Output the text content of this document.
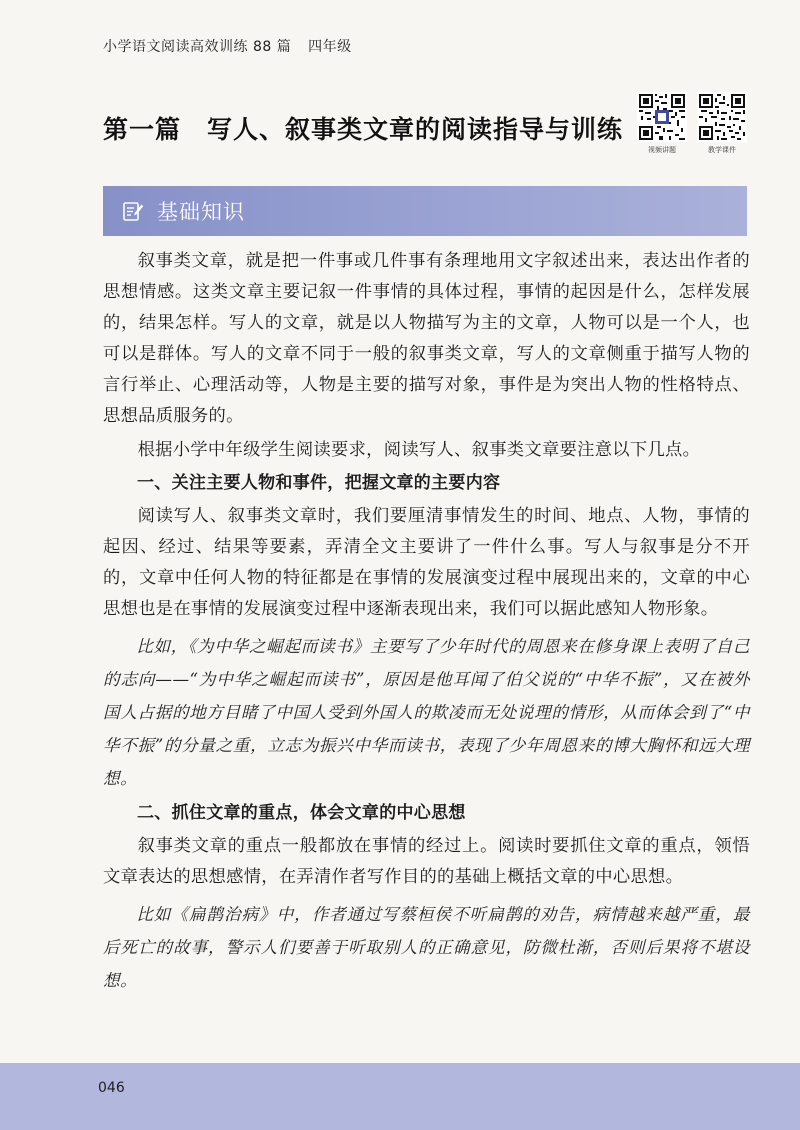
小学语文阅读高效训练 88 篇 四年级
第一篇 写人、叙事类文章的阅读指导与训练
视频讲题	教学课件
基础知识

叙事类文章，就是把一件事或几件事有条理地用文字叙述出来，表达出作者的思想情感。这类文章主要记叙一件事情的具体过程，事情的起因是什么，怎样发展的，结果怎样。写人的文章，就是以人物描写为主的文章，人物可以是一个人，也可以是群体。写人的文章不同于一般的叙事类文章，写人的文章侧重于描写人物的言行举止、心理活动等，人物是主要的描写对象，事件是为突出人物的性格特点、思想品质服务的。

根据小学中年级学生阅读要求，阅读写人、叙事类文章要注意以下几点。

一、关注主要人物和事件，把握文章的主要内容

阅读写人、叙事类文章时，我们要厘清事情发生的时间、地点、人物，事情的起因、经过、结果等要素，弄清全文主要讲了一件什么事。写人与叙事是分不开的，文章中任何人物的特征都是在事情的发展演变过程中展现出来的，文章的中心思想也是在事情的发展演变过程中逐渐表现出来，我们可以据此感知人物形象。

比如，《为中华之崛起而读书》主要写了少年时代的周恩来在修身课上表明了自己的志向——“为中华之崛起而读书”，原因是他耳闻了伯父说的“中华不振”，又在被外国人占据的地方目睹了中国人受到外国人的欺凌而无处说理的情形，从而体会到了“中华不振”的分量之重，立志为振兴中华而读书，表现了少年周恩来的博大胸怀和远大理想。

二、抓住文章的重点，体会文章的中心思想

叙事类文章的重点一般都放在事情的经过上。阅读时要抓住文章的重点，领悟文章表达的思想感情，在弄清作者写作目的的基础上概括文章的中心思想。

比如《扁鹊治病》中，作者通过写蔡桓侯不听扁鹊的劝告，病情越来越严重，最后死亡的故事，警示人们要善于听取别人的正确意见，防微杜渐，否则后果将不堪设想。

046
